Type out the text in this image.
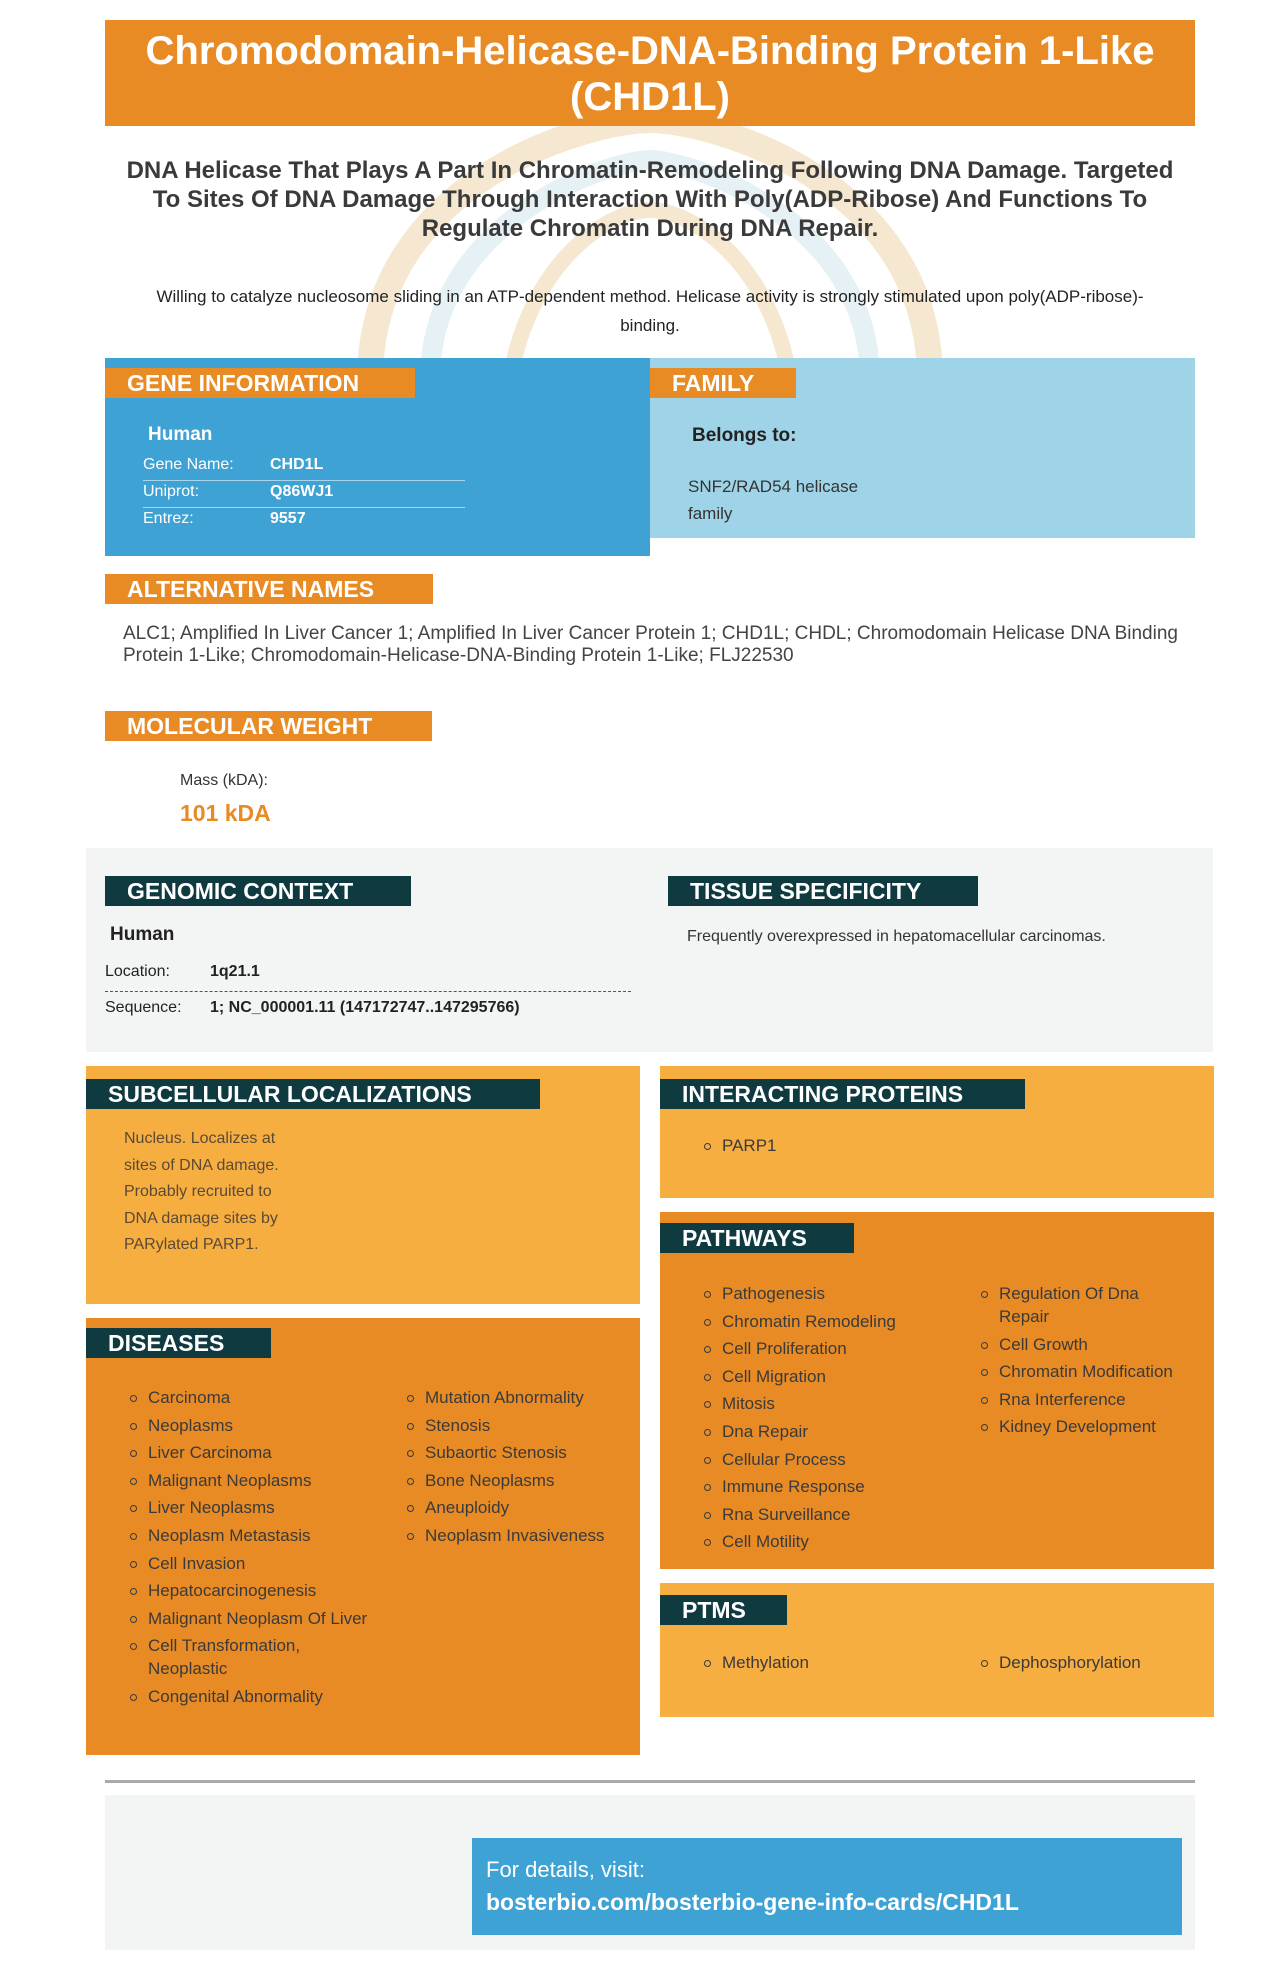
Chromodomain-Helicase-DNA-Binding Protein 1-Like (CHD1L)
DNA Helicase That Plays A Part In Chromatin-Remodeling Following DNA Damage. Targeted To Sites Of DNA Damage Through Interaction With Poly(ADP-Ribose) And Functions To Regulate Chromatin During DNA Repair.
Willing to catalyze nucleosome sliding in an ATP-dependent method. Helicase activity is strongly stimulated upon poly(ADP-ribose)-binding.
GENE INFORMATION
Human
Gene Name: CHD1L
Uniprot:	Q86WJ1
Entrez:	9557
FAMILY
Belongs to:
SNF2/RAD54 helicase
family
ALTERNATIVE NAMES
ALC1; Amplified In Liver Cancer 1; Amplified In Liver Cancer Protein 1; CHD1L; CHDL; Chromodomain Helicase DNA Binding Protein 1-Like; Chromodomain-Helicase-DNA-Binding Protein 1-Like; FLJ22530
MOLECULAR WEIGHT
Mass (kDA):
101 kDA
GENOMIC CONTEXT
Human
Location:	1q21.1
Sequence: 1; NC_000001.11 (147172747..147295766)
TISSUE SPECIFICITY
Frequently overexpressed in hepatomacellular carcinomas.
SUBCELLULAR LOCALIZATIONS
Nucleus. Localizes at
sites of DNA damage.
Probably recruited to
DNA damage sites by
PARylated PARP1.
INTERACTING PROTEINS
PARP1
PATHWAYS
Pathogenesis
Chromatin Remodeling
Cell Proliferation
Cell Migration
Mitosis
Dna Repair
Cellular Process
Immune Response
Rna Surveillance
Cell Motility
Regulation Of Dna Repair
Cell Growth
Chromatin Modification
Rna Interference
Kidney Development
DISEASES
Carcinoma
Neoplasms
Liver Carcinoma
Malignant Neoplasms
Liver Neoplasms
Neoplasm Metastasis
Cell Invasion
Hepatocarcinogenesis
Malignant Neoplasm Of Liver
Cell Transformation, Neoplastic
Congenital Abnormality
Mutation Abnormality
Stenosis
Subaortic Stenosis
Bone Neoplasms
Aneuploidy
Neoplasm Invasiveness
PTMS
Methylation	Dephosphorylation
For details, visit:
bosterbio.com/bosterbio-gene-info-cards/CHD1L
